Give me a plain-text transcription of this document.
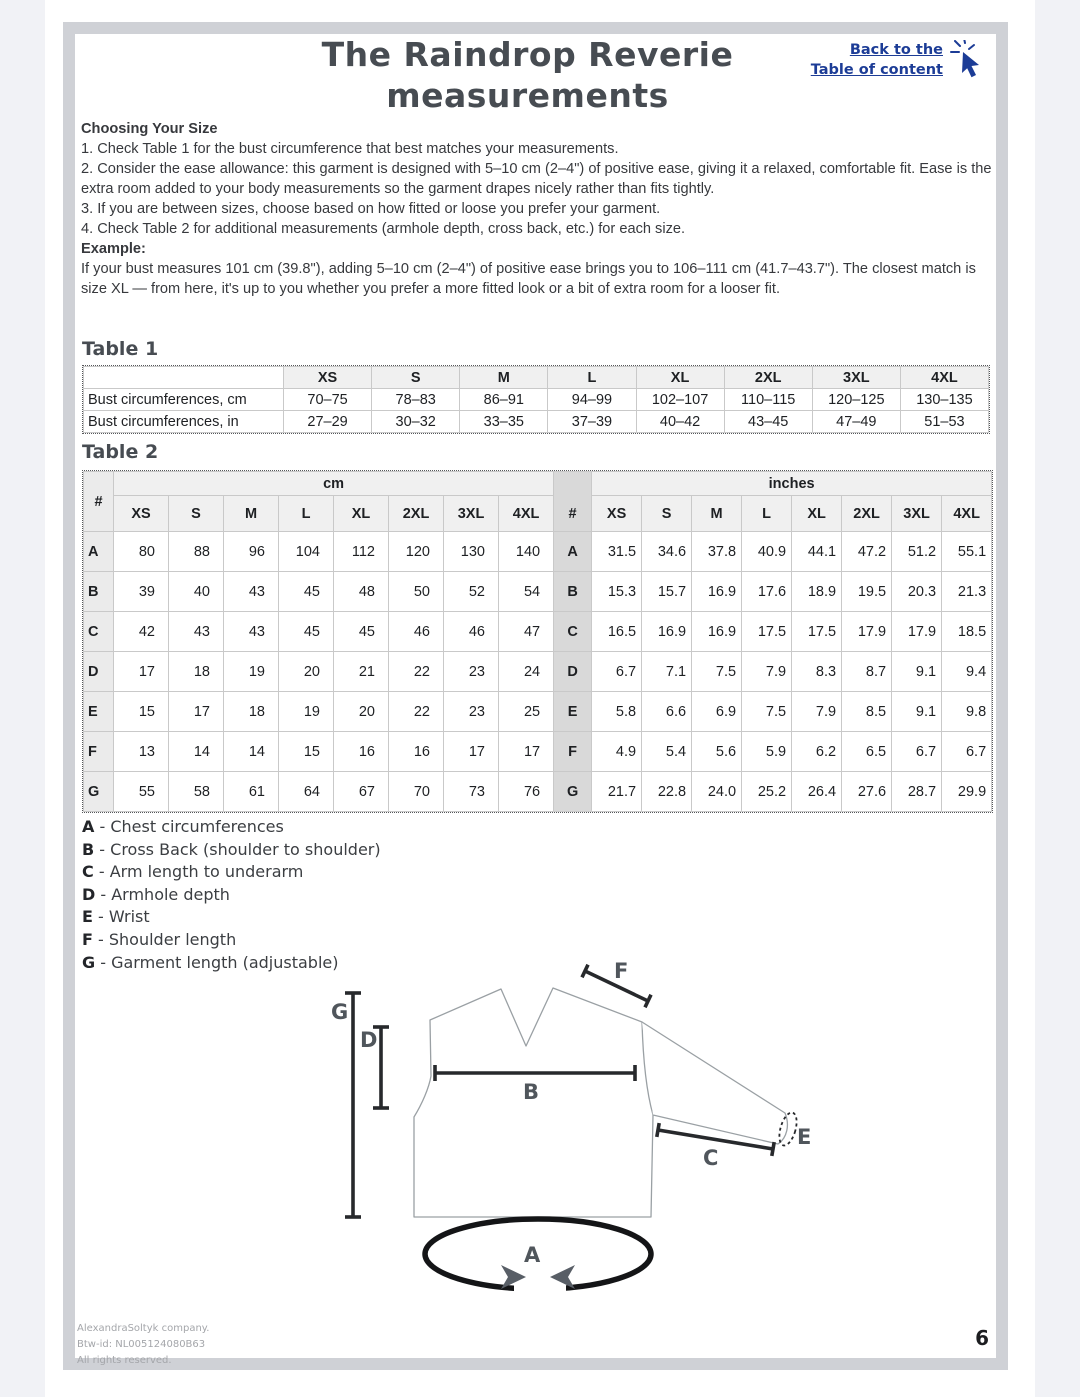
The Raindrop Reverie
measurements
Back to the
Table of content
Choosing Your Size
1. Check Table 1 for the bust circumference that best matches your measurements.
2. Consider the ease allowance: this garment is designed with 5–10 cm (2–4") of positive ease, giving it a relaxed, comfortable fit. Ease is the extra room added to your body measurements so the garment drapes nicely rather than fits tightly.
3. If you are between sizes, choose based on how fitted or loose you prefer your garment.
4. Check Table 2 for additional measurements (armhole depth, cross back, etc.) for each size.
Example:
If your bust measures 101 cm (39.8"), adding 5–10 cm (2–4") of positive ease brings you to 106–111 cm (41.7–43.7"). The closest match is size XL — from here, it's up to you whether you prefer a more fitted look or a bit of extra room for a looser fit.
Table 1
	XS	S	M	L	XL	2XL	3XL	4XL
Bust circumferences, cm	70–75	78–83	86–91	94–99	102–107	110–115	120–125	130–135
Bust circumferences, in	27–29	30–32	33–35	37–39	40–42	43–45	47–49	51–53
Table 2
#	cm								#	inches							
	XS	S	M	L	XL	2XL	3XL	4XL		XS	S	M	L	XL	2XL	3XL	4XL
A	80	88	96	104	112	120	130	140	A	31.5	34.6	37.8	40.9	44.1	47.2	51.2	55.1
B	39	40	43	45	48	50	52	54	B	15.3	15.7	16.9	17.6	18.9	19.5	20.3	21.3
C	42	43	43	45	45	46	46	47	C	16.5	16.9	16.9	17.5	17.5	17.9	17.9	18.5
D	17	18	19	20	21	22	23	24	D	6.7	7.1	7.5	7.9	8.3	8.7	9.1	9.4
E	15	17	18	19	20	22	23	25	E	5.8	6.6	6.9	7.5	7.9	8.5	9.1	9.8
F	13	14	14	15	16	16	17	17	F	4.9	5.4	5.6	5.9	6.2	6.5	6.7	6.7
G	55	58	61	64	67	70	73	76	G	21.7	22.8	24.0	25.2	26.4	27.6	28.7	29.9
A - Chest circumferences
B - Cross Back (shoulder to shoulder)
C - Arm length to underarm
D - Armhole depth
E - Wrist
F - Shoulder length
G - Garment length (adjustable)
G
D
B
F
C
E
A
AlexandraSoltyk company.
Btw-id: NL005124080B63
All rights reserved.
6
